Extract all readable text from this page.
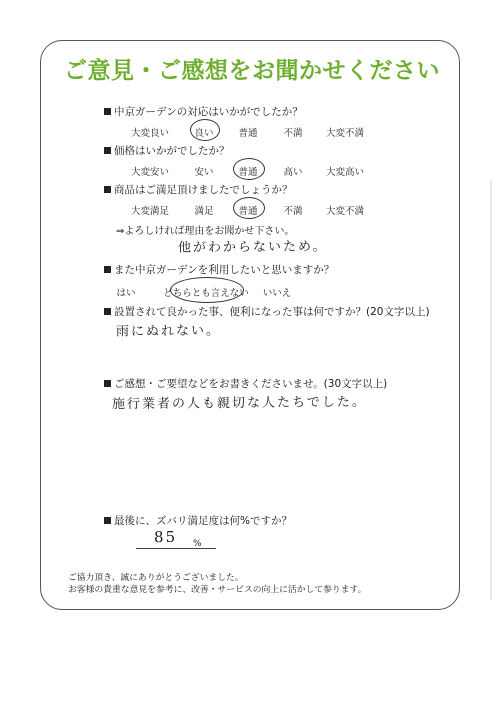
ご意見・ご感想をお聞かせください
中京ガーデンの対応はいかがでしたか？
大変良い	良い	普通	不満 大変不満
価格はいかがでしたか？
大変安い	安い	普通	高い 大変高い
商品はご満足頂けましたでしょうか？
大変満足	満足	普通	不満 大変不満
⇒よろしければ理由をお聞かせ下さい。
他がわからないため。
また中京ガーデンを利用したいと思いますか？
はい	どちらとも言えない いいえ
設置されて良かった事、便利になった事は何ですか？(20文字以上)
雨にぬれない。
ご感想・ご要望などをお書きくださいませ。(30文字以上)
施行業者の人も親切な人たちでした。
最後に、ズバリ満足度は何%ですか？
85 %
ご協力頂き、誠にありがとうございました。
お客様の貴重な意見を参考に、改善・サービスの向上に活かして参ります。
